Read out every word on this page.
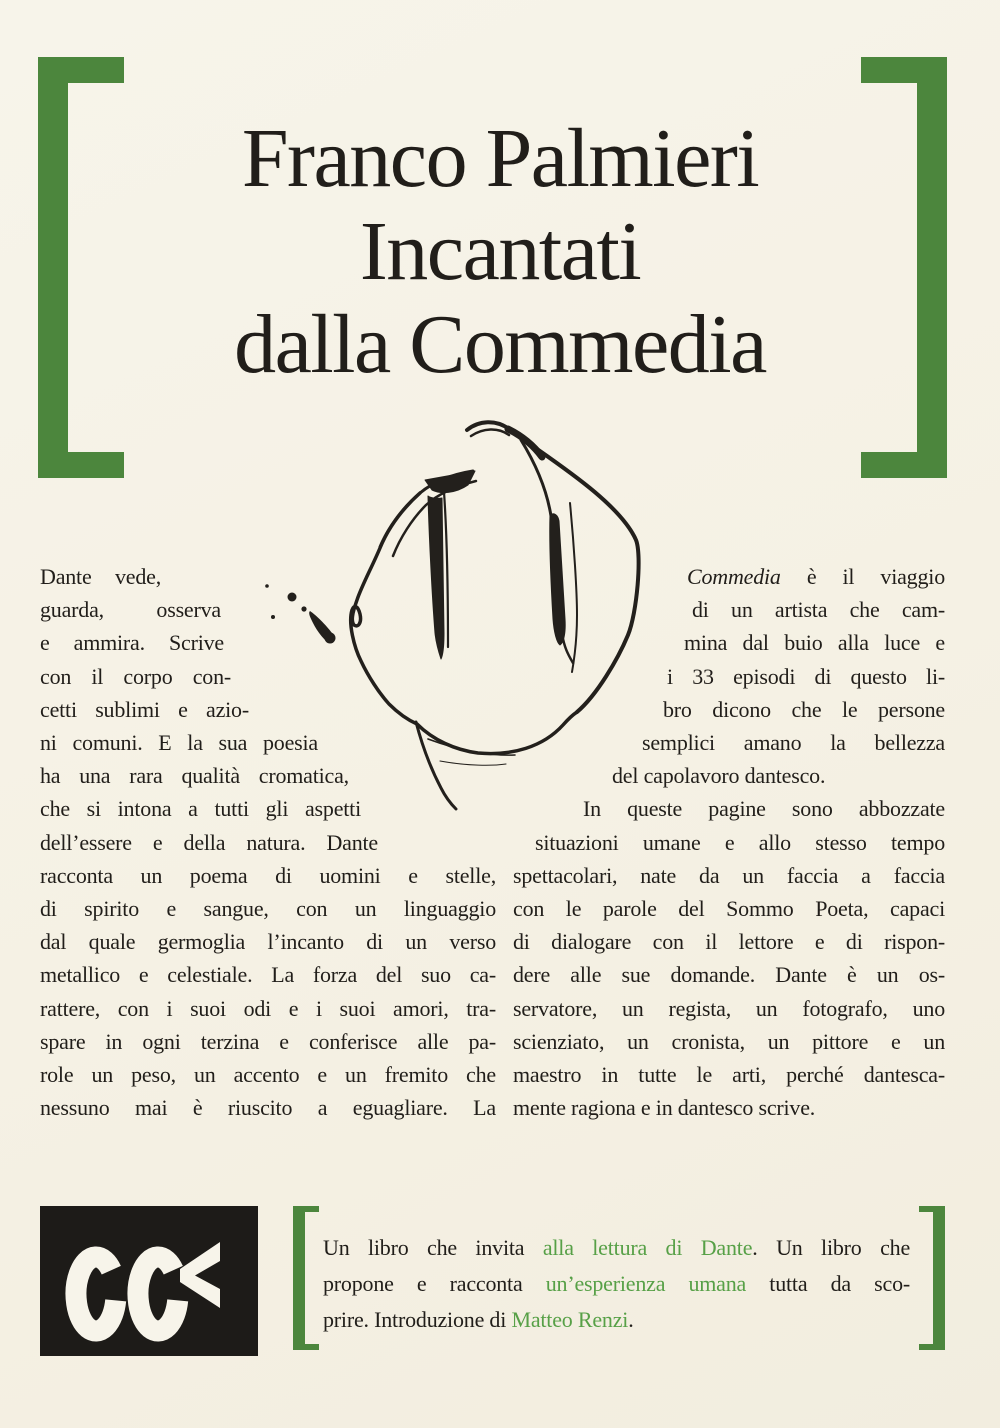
Franco Palmieri
Incantati
dalla Commedia
Dante vede,
guarda, osserva
e ammira. Scrive
con il corpo con-
cetti sublimi e azio-
ni comuni. E la sua poesia
ha una rara qualità cromatica,
che si intona a tutti gli aspetti
dell’essere e della natura. Dante
racconta un poema di uomini e stelle,
di spirito e sangue, con un linguaggio
dal quale germoglia l’incanto di un verso
metallico e celestiale. La forza del suo ca-
rattere, con i suoi odi e i suoi amori, tra-
spare in ogni terzina e conferisce alle pa-
role un peso, un accento e un fremito che
nessuno mai è riuscito a eguagliare. La
Commedia è il viaggio
di un artista che cam-
mina dal buio alla luce e
i 33 episodi di questo li-
bro dicono che le persone
semplici amano la bellezza
del capolavoro dantesco.
In queste pagine sono abbozzate
situazioni umane e allo stesso tempo
spettacolari, nate da un faccia a faccia
con le parole del Sommo Poeta, capaci
di dialogare con il lettore e di rispon-
dere alle sue domande. Dante è un os-
servatore, un regista, un fotografo, uno
scienziato, un cronista, un pittore e un
maestro in tutte le arti, perché dantesca-
mente ragiona e in dantesco scrive.
Un libro che invita alla lettura di Dante. Un libro che
propone e racconta un’esperienza umana tutta da sco-
prire. Introduzione di Matteo Renzi.
